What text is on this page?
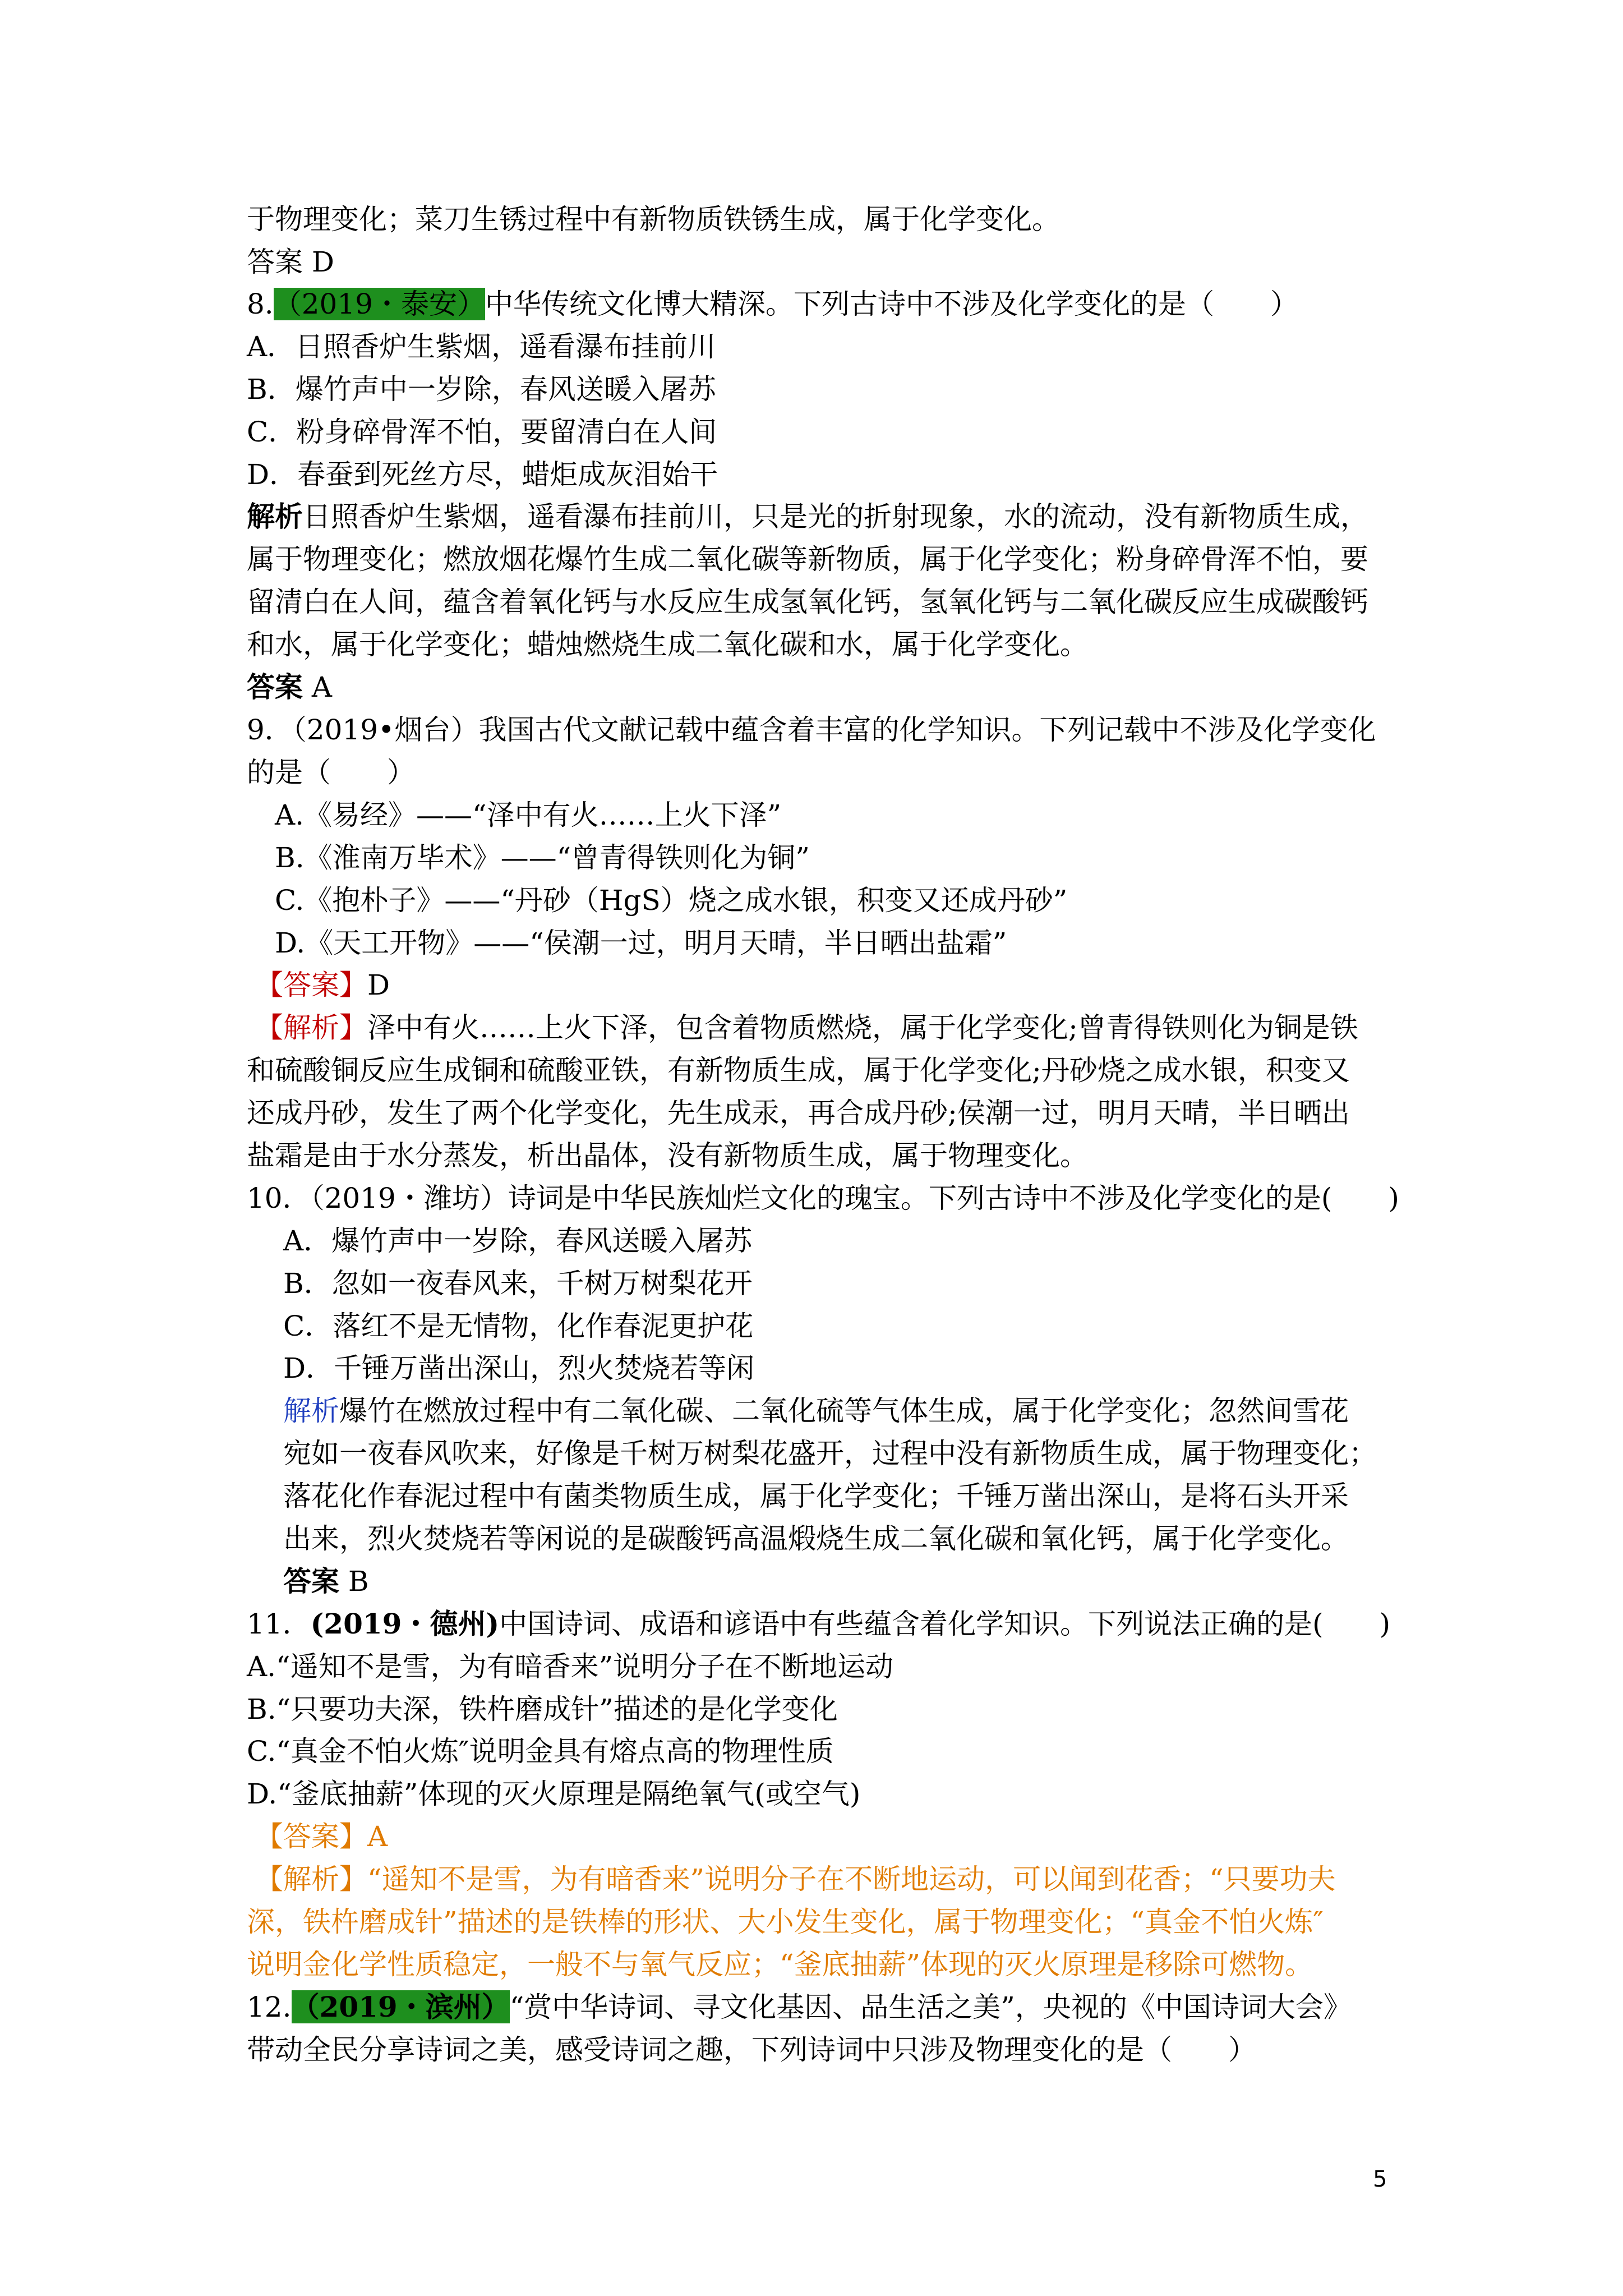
于物理变化；菜刀生锈过程中有新物质铁锈生成，属于化学变化。
答案 D
8.（2019・泰安）中华传统文化博大精深。下列古诗中不涉及化学变化的是（　　）
A．日照香炉生紫烟，遥看瀑布挂前川
B．爆竹声中一岁除，春风送暖入屠苏
C．粉身碎骨浑不怕，要留清白在人间
D．春蚕到死丝方尽，蜡炬成灰泪始干
解析日照香炉生紫烟，遥看瀑布挂前川，只是光的折射现象，水的流动，没有新物质生成，
属于物理变化；燃放烟花爆竹生成二氧化碳等新物质，属于化学变化；粉身碎骨浑不怕，要
留清白在人间，蕴含着氧化钙与水反应生成氢氧化钙，氢氧化钙与二氧化碳反应生成碳酸钙
和水，属于化学变化；蜡烛燃烧生成二氧化碳和水，属于化学变化。
答案 A
9．（2019•烟台）我国古代文献记载中蕴含着丰富的化学知识。下列记载中不涉及化学变化
的是（　　）
A.《易经》——“泽中有火……上火下泽”
B.《淮南万毕术》——“曾青得铁则化为铜”
C.《抱朴子》——“丹砂（HgS）烧之成水银，积变又还成丹砂”
D.《天工开物》——“侯潮一过，明月天晴，半日晒出盐霜”
【答案】D
【解析】泽中有火……上火下泽，包含着物质燃烧，属于化学变化;曾青得铁则化为铜是铁
和硫酸铜反应生成铜和硫酸亚铁，有新物质生成，属于化学变化;丹砂烧之成水银，积变又
还成丹砂，发生了两个化学变化，先生成汞，再合成丹砂;侯潮一过，明月天晴，半日晒出
盐霜是由于水分蒸发，析出晶体，没有新物质生成，属于物理变化。
10．（2019・潍坊）诗词是中华民族灿烂文化的瑰宝。下列古诗中不涉及化学变化的是(　　)
A．爆竹声中一岁除，春风送暖入屠苏
B．忽如一夜春风来，千树万树梨花开
C．落红不是无情物，化作春泥更护花
D．千锤万凿出深山，烈火焚烧若等闲
解析爆竹在燃放过程中有二氧化碳、二氧化硫等气体生成，属于化学变化；忽然间雪花
宛如一夜春风吹来，好像是千树万树梨花盛开，过程中没有新物质生成，属于物理变化；
落花化作春泥过程中有菌类物质生成，属于化学变化；千锤万凿出深山，是将石头开采
出来，烈火焚烧若等闲说的是碳酸钙高温煅烧生成二氧化碳和氧化钙，属于化学变化。
答案 B
11．(2019・德州)中国诗词、成语和谚语中有些蕴含着化学知识。下列说法正确的是(　　)
A.“遥知不是雪，为有暗香来”说明分子在不断地运动
B.“只要功夫深，铁杵磨成针”描述的是化学变化
C.“真金不怕火炼″说明金具有熔点高的物理性质
D.“釜底抽薪”体现的灭火原理是隔绝氧气(或空气)
【答案】A
【解析】“遥知不是雪，为有暗香来”说明分子在不断地运动，可以闻到花香；“只要功夫
深，铁杵磨成针”描述的是铁棒的形状、大小发生变化，属于物理变化；“真金不怕火炼″
说明金化学性质稳定，一般不与氧气反应；“釜底抽薪”体现的灭火原理是移除可燃物。
12.（2019・滨州）“赏中华诗词、寻文化基因、品生活之美”，央视的《中国诗词大会》
带动全民分享诗词之美，感受诗词之趣，下列诗词中只涉及物理变化的是（　　）
5
